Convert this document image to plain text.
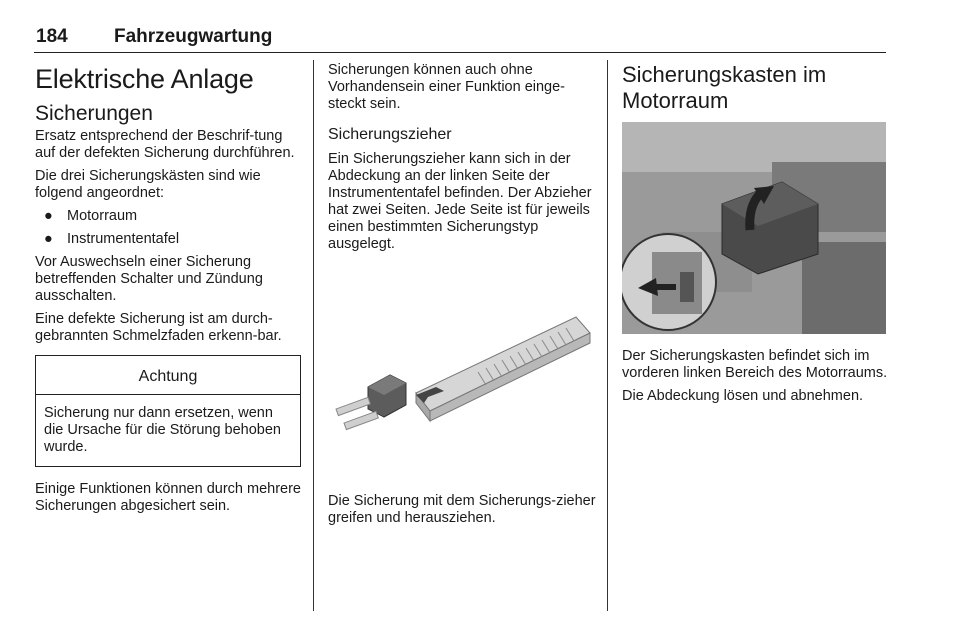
184 Fahrzeugwartung
Elektrische Anlage
Sicherungen

Ersatz entsprechend der Beschrif-tung auf der defekten Sicherung durchführen.

Die drei Sicherungskästen sind wie folgend angeordnet:

● Motorraum
● Instrumententafel

Vor Auswechseln einer Sicherung betreffenden Schalter und Zündung ausschalten.

Eine defekte Sicherung ist am durch-gebrannten Schmelzfaden erkenn-bar.

Achtung
Sicherung nur dann ersetzen, wenn die Ursache für die Störung behoben wurde.

Einige Funktionen können durch mehrere Sicherungen abgesichert sein.

Sicherungen können auch ohne Vorhandensein einer Funktion einge-steckt sein.

Sicherungszieher

Ein Sicherungszieher kann sich in der Abdeckung an der linken Seite der Instrumententafel befinden. Der Abzieher hat zwei Seiten. Jede Seite ist für jeweils einen bestimmten Sicherungstyp ausgelegt.

Die Sicherung mit dem Sicherungs-zieher greifen und herausziehen.

Sicherungskasten im Motorraum

Der Sicherungskasten befindet sich im vorderen linken Bereich des Motorraums.

Die Abdeckung lösen und abnehmen.
